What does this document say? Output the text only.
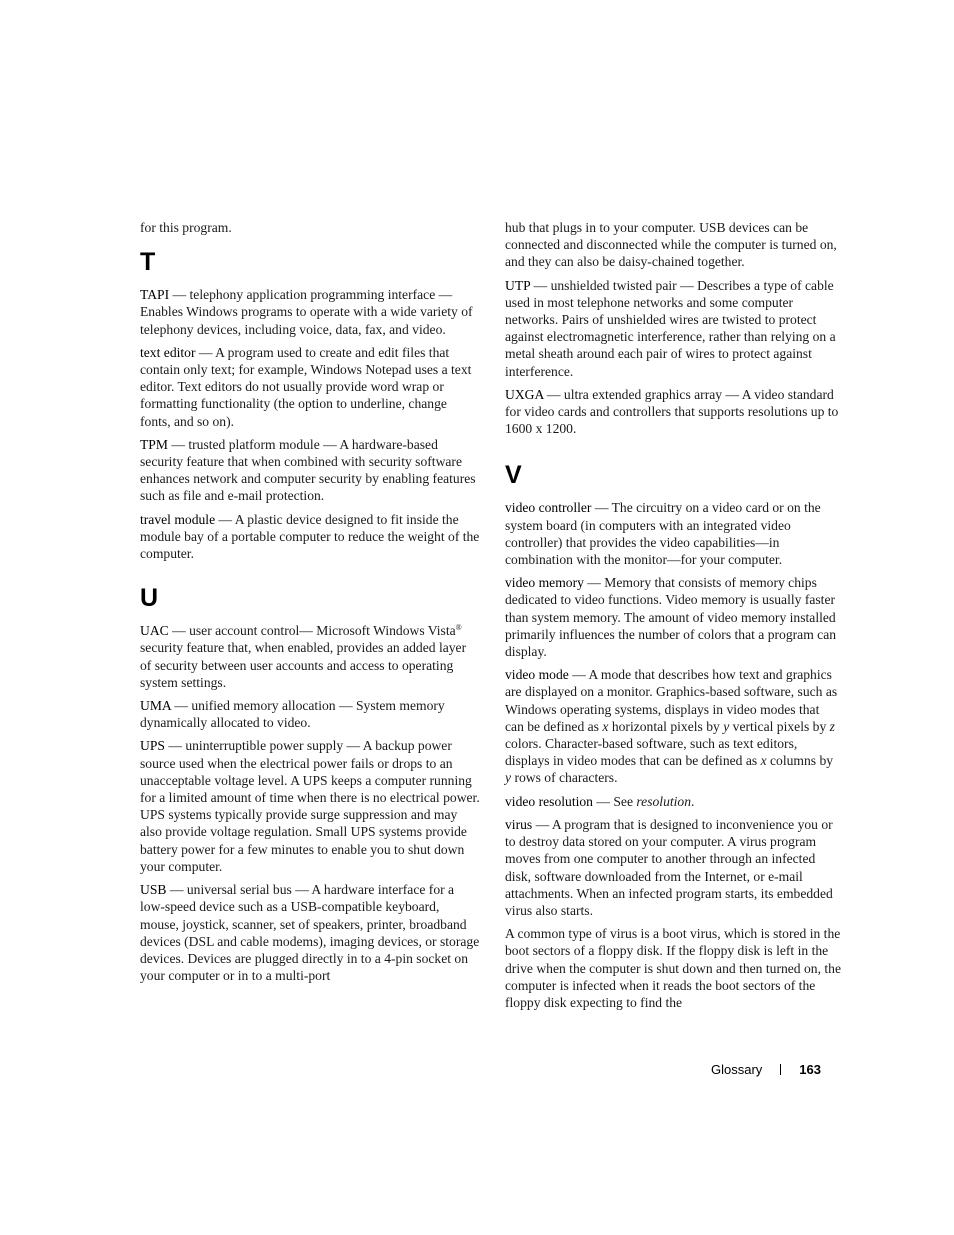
for this program.

T

TAPI — telephony application programming interface — Enables Windows programs to operate with a wide variety of telephony devices, including voice, data, fax, and video.

text editor — A program used to create and edit files that contain only text; for example, Windows Notepad uses a text editor. Text editors do not usually provide word wrap or formatting functionality (the option to underline, change fonts, and so on).

TPM — trusted platform module — A hardware-based security feature that when combined with security software enhances network and computer security by enabling features such as file and e-mail protection.

travel module — A plastic device designed to fit inside the module bay of a portable computer to reduce the weight of the computer.

U

UAC — user account control— Microsoft Windows Vista® security feature that, when enabled, provides an added layer of security between user accounts and access to operating system settings.

UMA — unified memory allocation — System memory dynamically allocated to video.

UPS — uninterruptible power supply — A backup power source used when the electrical power fails or drops to an unacceptable voltage level. A UPS keeps a computer running for a limited amount of time when there is no electrical power. UPS systems typically provide surge suppression and may also provide voltage regulation. Small UPS systems provide battery power for a few minutes to enable you to shut down your computer.

USB — universal serial bus — A hardware interface for a low-speed device such as a USB-compatible keyboard, mouse, joystick, scanner, set of speakers, printer, broadband devices (DSL and cable modems), imaging devices, or storage devices. Devices are plugged directly in to a 4-pin socket on your computer or in to a multi-port

hub that plugs in to your computer. USB devices can be connected and disconnected while the computer is turned on, and they can also be daisy-chained together.

UTP — unshielded twisted pair — Describes a type of cable used in most telephone networks and some computer networks. Pairs of unshielded wires are twisted to protect against electromagnetic interference, rather than relying on a metal sheath around each pair of wires to protect against interference.

UXGA — ultra extended graphics array — A video standard for video cards and controllers that supports resolutions up to 1600 x 1200.

V

video controller — The circuitry on a video card or on the system board (in computers with an integrated video controller) that provides the video capabilities—in combination with the monitor—for your computer.

video memory — Memory that consists of memory chips dedicated to video functions. Video memory is usually faster than system memory. The amount of video memory installed primarily influences the number of colors that a program can display.

video mode — A mode that describes how text and graphics are displayed on a monitor. Graphics-based software, such as Windows operating systems, displays in video modes that can be defined as x horizontal pixels by y vertical pixels by z colors. Character-based software, such as text editors, displays in video modes that can be defined as x columns by y rows of characters.

video resolution — See resolution.

virus — A program that is designed to inconvenience you or to destroy data stored on your computer. A virus program moves from one computer to another through an infected disk, software downloaded from the Internet, or e-mail attachments. When an infected program starts, its embedded virus also starts.

A common type of virus is a boot virus, which is stored in the boot sectors of a floppy disk. If the floppy disk is left in the drive when the computer is shut down and then turned on, the computer is infected when it reads the boot sectors of the floppy disk expecting to find the

Glossary	163
